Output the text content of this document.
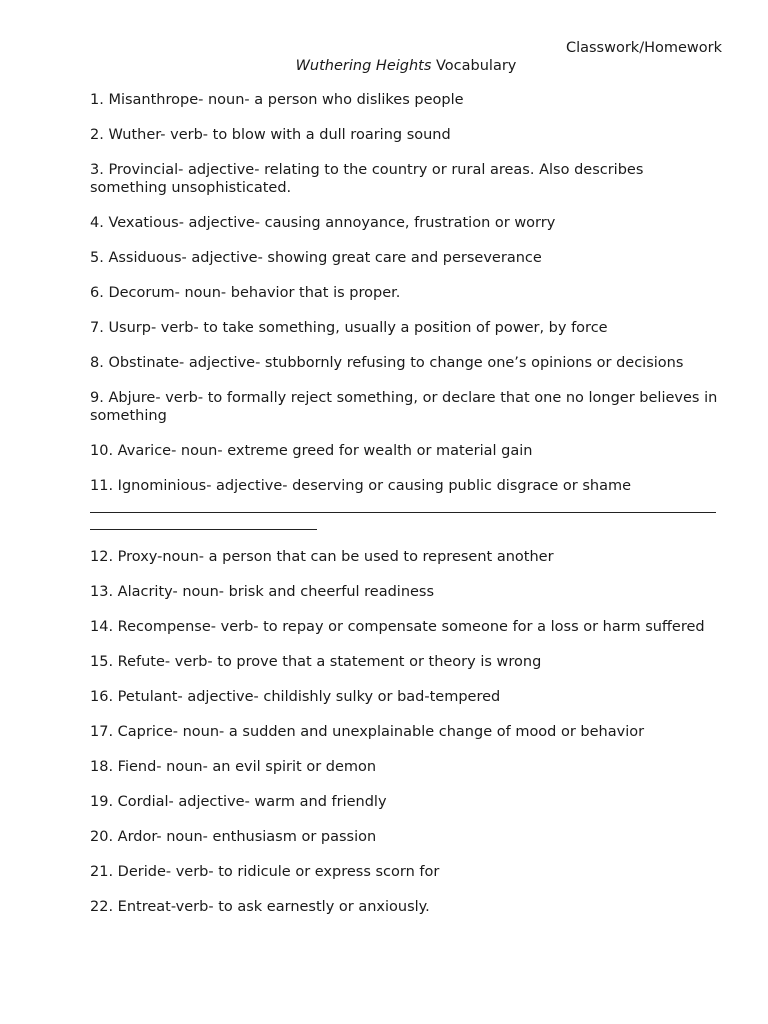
Classwork/Homework
Wuthering Heights Vocabulary
1. Misanthrope- noun- a person who dislikes people
2. Wuther- verb- to blow with a dull roaring sound
3. Provincial- adjective- relating to the country or rural areas. Also describes something unsophisticated.
4. Vexatious- adjective- causing annoyance, frustration or worry
5. Assiduous- adjective- showing great care and perseverance
6. Decorum- noun- behavior that is proper.
7. Usurp- verb- to take something, usually a position of power, by force
8. Obstinate- adjective- stubbornly refusing to change one’s opinions or decisions
9. Abjure- verb- to formally reject something, or declare that one no longer believes in something
10. Avarice- noun- extreme greed for wealth or material gain
11. Ignominious- adjective- deserving or causing public disgrace or shame
12. Proxy-noun- a person that can be used to represent another
13. Alacrity- noun- brisk and cheerful readiness
14. Recompense- verb- to repay or compensate someone for a loss or harm suffered
15. Refute- verb- to prove that a statement or theory is wrong
16. Petulant- adjective- childishly sulky or bad-tempered
17. Caprice- noun- a sudden and unexplainable change of mood or behavior
18. Fiend- noun- an evil spirit or demon
19. Cordial- adjective- warm and friendly
20. Ardor- noun- enthusiasm or passion
21. Deride- verb- to ridicule or express scorn for
22. Entreat-verb- to ask earnestly or anxiously.
